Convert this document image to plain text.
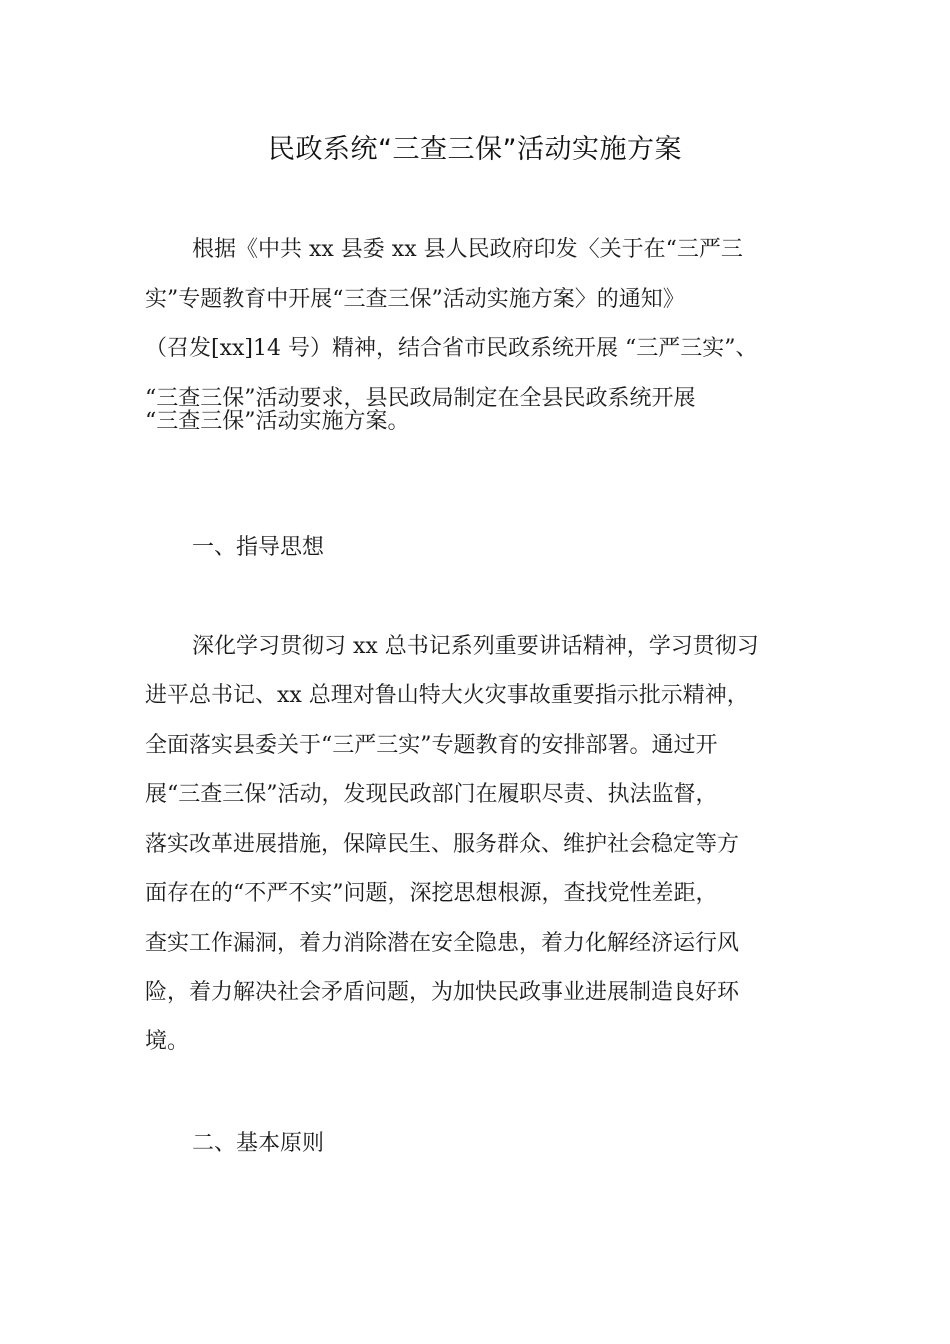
民政系统“三查三保”活动实施方案

根据《中共 xx 县委 xx 县人民政府印发〈关于在“三严三

实”专题教育中开展“三查三保”活动实施方案〉的通知》

（召发[xx]14 号）精神，结合省市民政系统开展 “三严三实”、

“三查三保”活动要求，县民政局制定在全县民政系统开展

“三查三保”活动实施方案。

一、指导思想

深化学习贯彻习 xx 总书记系列重要讲话精神，学习贯彻习

进平总书记、xx 总理对鲁山特大火灾事故重要指示批示精神，

全面落实县委关于“三严三实”专题教育的安排部署。通过开

展“三查三保”活动，发现民政部门在履职尽责、执法监督，

落实改革进展措施，保障民生、服务群众、维护社会稳定等方

面存在的“不严不实”问题，深挖思想根源，查找党性差距，

查实工作漏洞，着力消除潜在安全隐患，着力化解经济运行风

险，着力解决社会矛盾问题，为加快民政事业进展制造良好环

境。

二、基本原则
